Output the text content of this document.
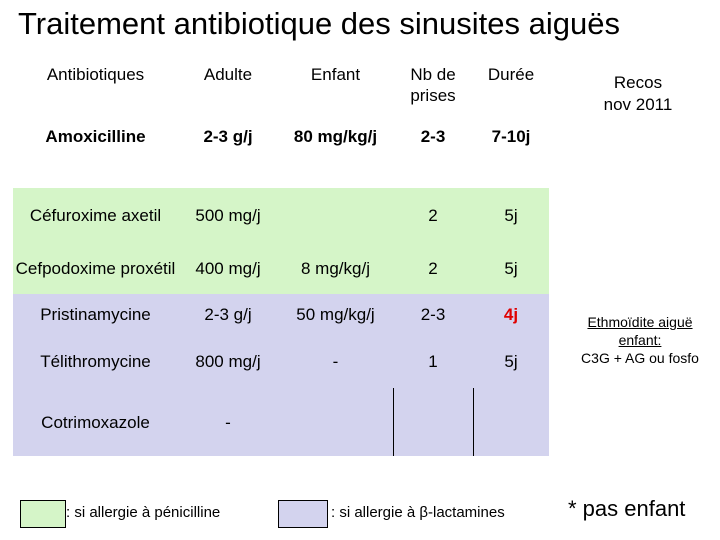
Traitement antibiotique des sinusites aiguës
Recos
nov 2011
Antibiotiques	Adulte	Enfant	Nb de prises	Durée
Amoxicilline	2-3 g/j	80 mg/kg/j	2-3	7-10j
Céfuroxime axetil	500 mg/j		2	5j
Cefpodoxime proxétil	400 mg/j	8 mg/kg/j	2	5j
Pristinamycine	2-3 g/j	50 mg/kg/j	2-3	4j
Télithromycine	800 mg/j	-	1	5j
Cotrimoxazole	-			
Ethmoïdite aiguë
enfant:
C3G + AG ou fosfo
: si allergie à pénicilline	: si allergie à β-lactamines	* pas enfant
